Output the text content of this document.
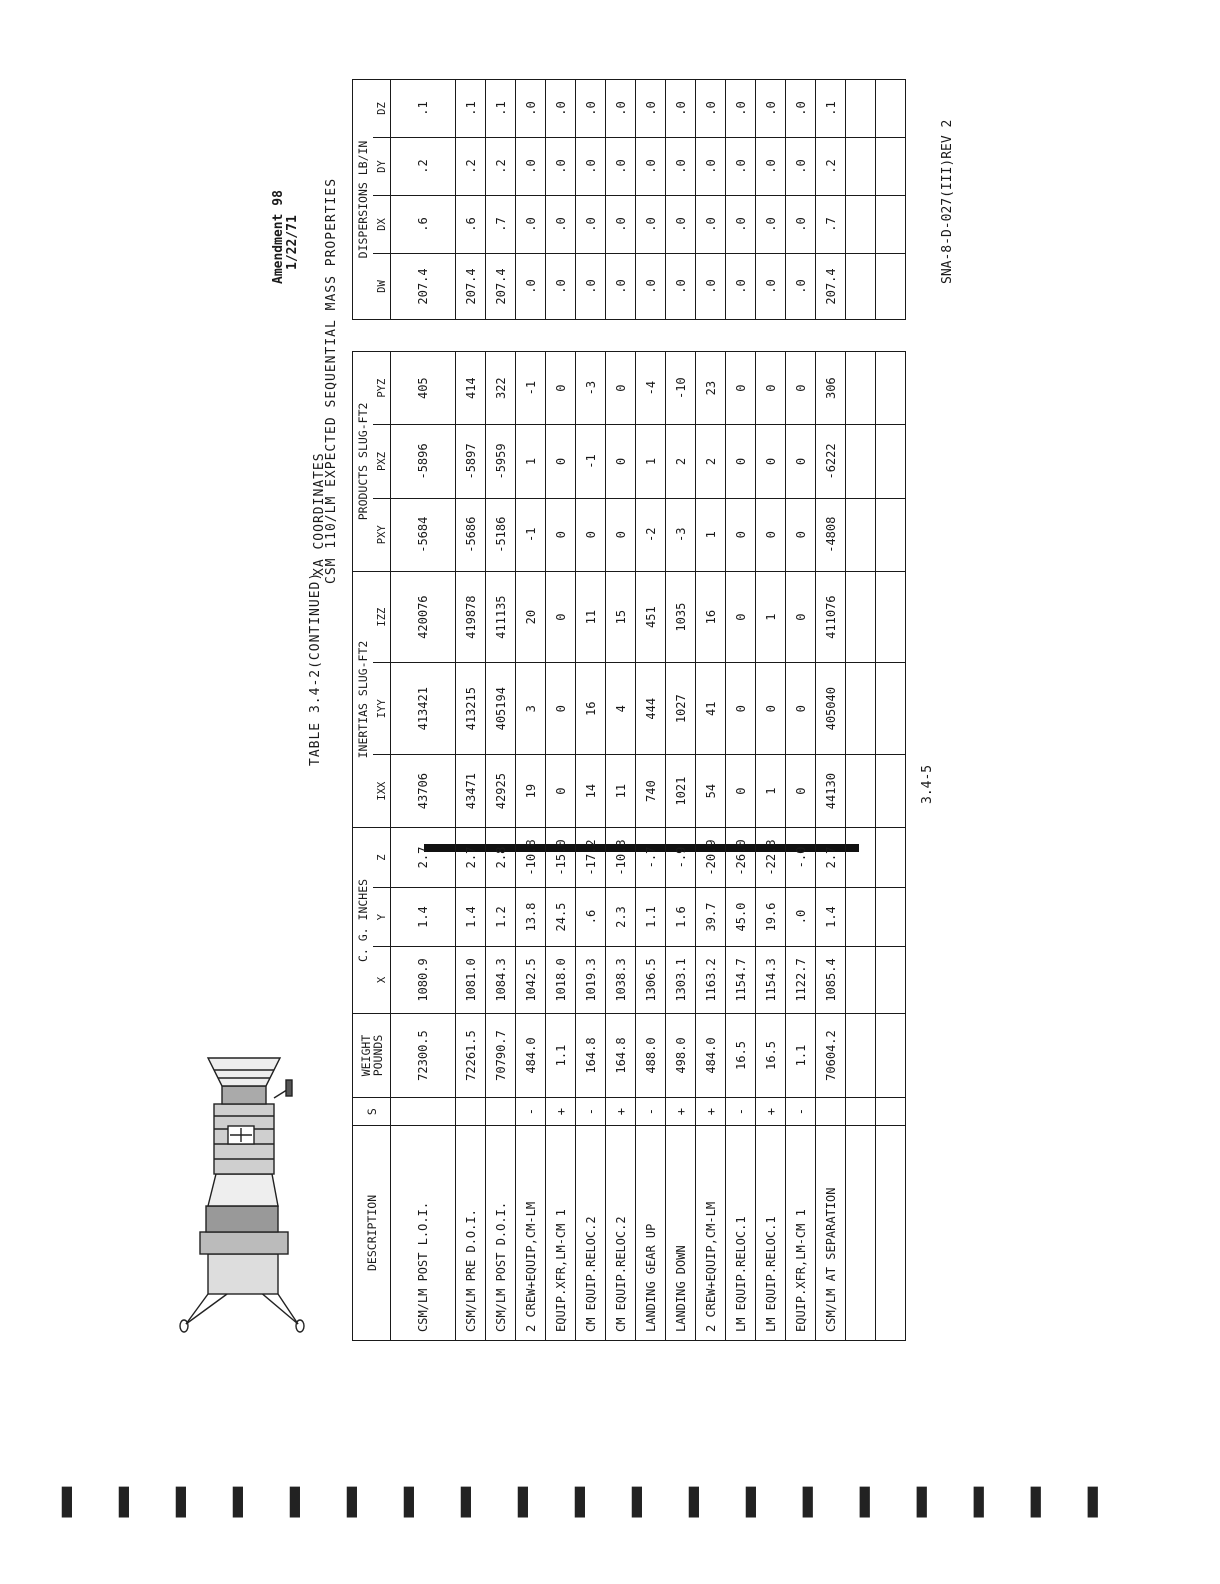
▌▌▌▌▌▌▌▌▌▌▌▌▌▌▌▌▌▌▌
Amendment 98 1/22/71
XA COORDINATES
TABLE 3.4-2(CONTINUED)
CSM 110/LM EXPECTED SEQUENTIAL MASS PROPERTIES
DESCRIPTION	S	WEIGHT POUNDS	C. G. INCHES			INERTIAS SLUG-FT2			PRODUCTS SLUG-FT2		
			X	Y	Z	IXX	IYY	IZZ	PXY	PXZ	PYZ
CSM/LM POST L.O.I.		72300.5	1080.9	1.4	2.7	43706	413421	420076	-5684	-5896	405
CSM/LM PRE D.O.I.		72261.5	1081.0	1.4	2.7	43471	413215	419878	-5686	-5897	414
CSM/LM POST D.O.I.		70790.7	1084.3	1.2	2.8	42925	405194	411135	-5186	-5959	322
2 CREW+EQUIP,CM-LM	-	484.0	1042.5	13.8	-10.8	19	3	20	-1	1	-1
EQUIP.XFR,LM-CM 1	+	1.1	1018.0	24.5	-15.0	0	0	0	0	0	0
CM EQUIP.RELOC.2	-	164.8	1019.3	.6	-17.2	14	16	11	0	-1	-3
CM EQUIP.RELOC.2	+	164.8	1038.3	2.3	-10.3	11	4	15	0	0	0
LANDING GEAR UP	-	488.0	1306.5	1.1	-.7	740	444	451	-2	1	-4
LANDING DOWN	+	498.0	1303.1	1.6	-.9	1021	1027	1035	-3	2	-10
2 CREW+EQUIP,CM-LM	+	484.0	1163.2	39.7	-20.9	54	41	16	1	2	23
LM EQUIP.RELOC.1	-	16.5	1154.7	45.0	-26.0	0	0	0	0	0	0
LM EQUIP.RELOC.1	+	16.5	1154.3	19.6	-22.3	1	0	1	0	0	0
EQUIP.XFR,LM-CM 1	-	1.1	1122.7	.0	-.0	0	0	0	0	0	0
CSM/LM AT SEPARATION		70604.2	1085.4	1.4	2.7	44130	405040	411076	-4808	-6222	306

DISPERSIONS LB/IN			
DW	DX	DY	DZ
207.4	.6	.2	.1
207.4	.6	.2	.1
207.4	.7	.2	.1
.0	.0	.0	.0
.0	.0	.0	.0
.0	.0	.0	.0
.0	.0	.0	.0
.0	.0	.0	.0
.0	.0	.0	.0
.0	.0	.0	.0
.0	.0	.0	.0
.0	.0	.0	.0
.0	.0	.0	.0
207.4	.7	.2	.1

3.4-5
SNA-8-D-027(III)REV 2
